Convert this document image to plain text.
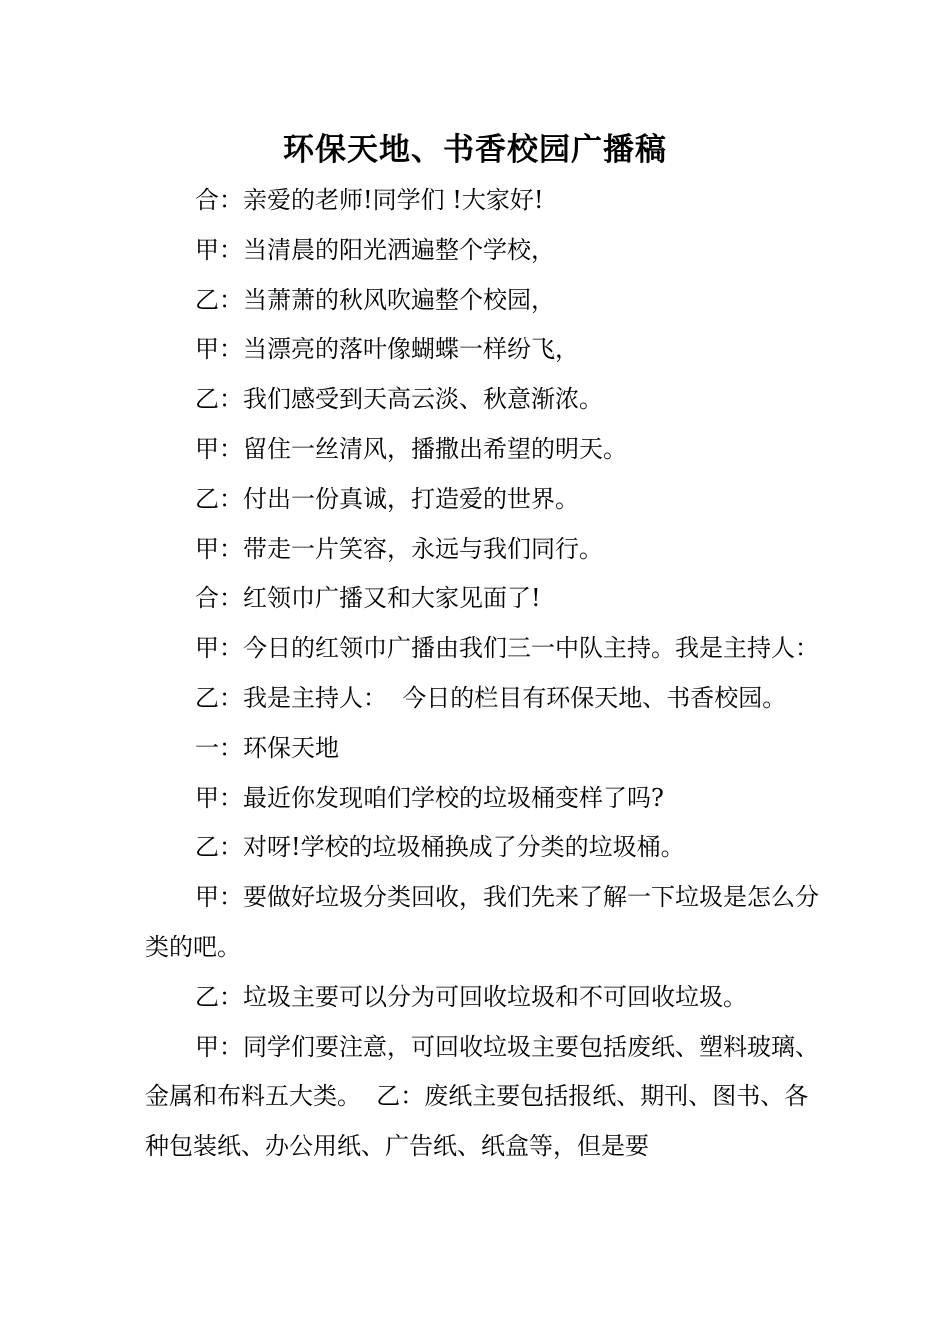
环保天地、书香校园广播稿

合：亲爱的老师!同学们 !大家好!

甲：当清晨的阳光洒遍整个学校，

乙：当萧萧的秋风吹遍整个校园，

甲：当漂亮的落叶像蝴蝶一样纷飞，

乙：我们感受到天高云淡、秋意渐浓。

甲：留住一丝清风，播撒出希望的明天。

乙：付出一份真诚，打造爱的世界。

甲：带走一片笑容，永远与我们同行。

合：红领巾广播又和大家见面了!

甲：今日的红领巾广播由我们三一中队主持。我是主持人：

乙：我是主持人：  今日的栏目有环保天地、书香校园。

一：环保天地

甲：最近你发现咱们学校的垃圾桶变样了吗?

乙：对呀!学校的垃圾桶换成了分类的垃圾桶。

甲：要做好垃圾分类回收，我们先来了解一下垃圾是怎么分类的吧。

乙：垃圾主要可以分为可回收垃圾和不可回收垃圾。

甲：同学们要注意，可回收垃圾主要包括废纸、塑料玻璃、金属和布料五大类。  乙：废纸主要包括报纸、期刊、图书、各种包装纸、办公用纸、广告纸、纸盒等，但是要
